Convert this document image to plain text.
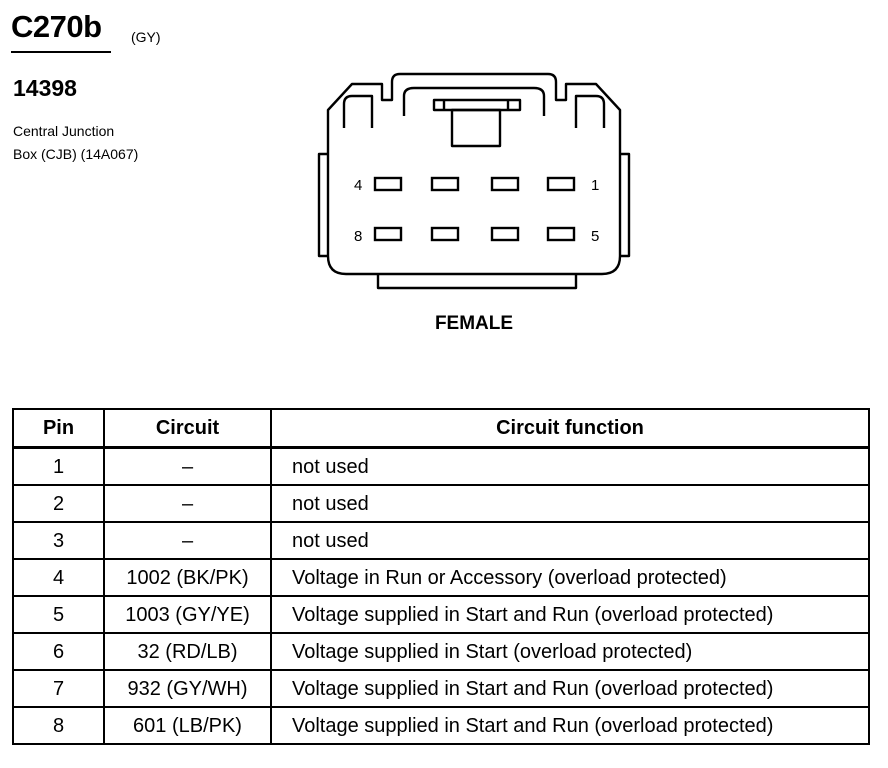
C270b (GY)
14398
Central Junction
Box (CJB) (14A067)
4	1
8	5
FEMALE
Pin	Circuit	Circuit function
1	–	not used
2	–	not used
3	–	not used
4	1002 (BK/PK)	Voltage in Run or Accessory (overload protected)
5	1003 (GY/YE)	Voltage supplied in Start and Run (overload protected)
6	32 (RD/LB)	Voltage supplied in Start (overload protected)
7	932 (GY/WH)	Voltage supplied in Start and Run (overload protected)
8	601 (LB/PK)	Voltage supplied in Start and Run (overload protected)
